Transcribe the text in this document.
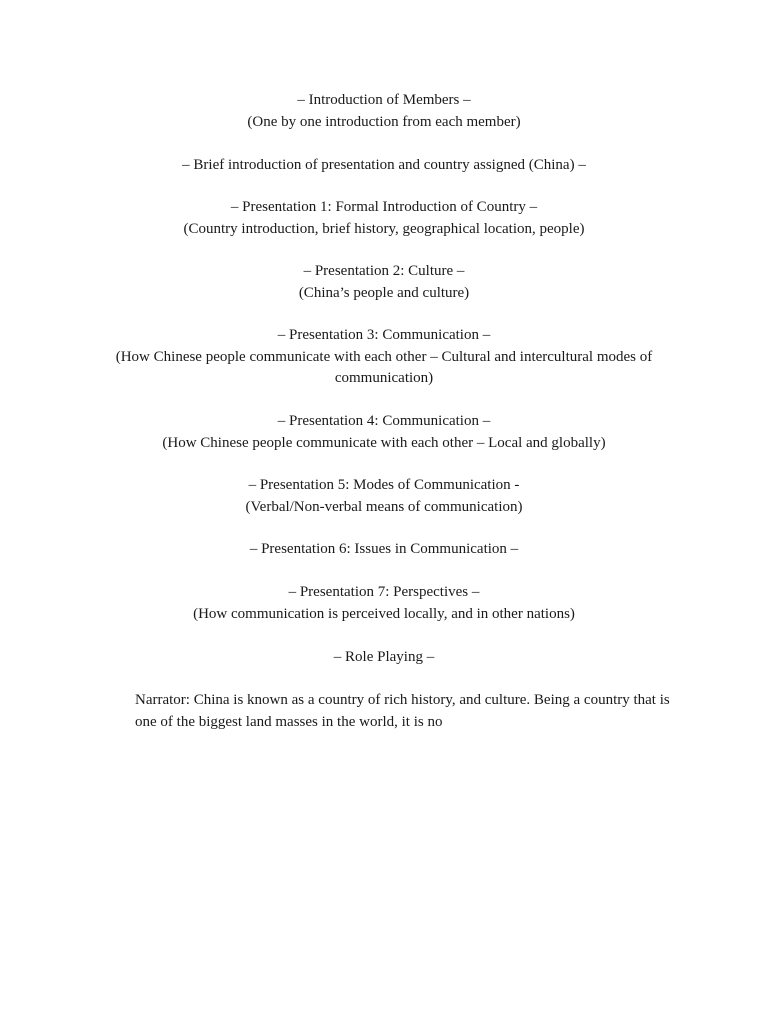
– Introduction of Members –
(One by one introduction from each member)
– Brief introduction of presentation and country assigned (China) –
– Presentation 1: Formal Introduction of Country –
(Country introduction, brief history, geographical location, people)
– Presentation 2: Culture –
(China’s people and culture)
– Presentation 3: Communication –
(How Chinese people communicate with each other – Cultural and intercultural modes of communication)
– Presentation 4: Communication –
(How Chinese people communicate with each other – Local and globally)
– Presentation 5: Modes of Communication -
(Verbal/Non-verbal means of communication)
– Presentation 6: Issues in Communication –
– Presentation 7: Perspectives –
(How communication is perceived locally, and in other nations)
– Role Playing –
Narrator: China is known as a country of rich history, and culture. Being a country that is one of the biggest land masses in the world, it is no
